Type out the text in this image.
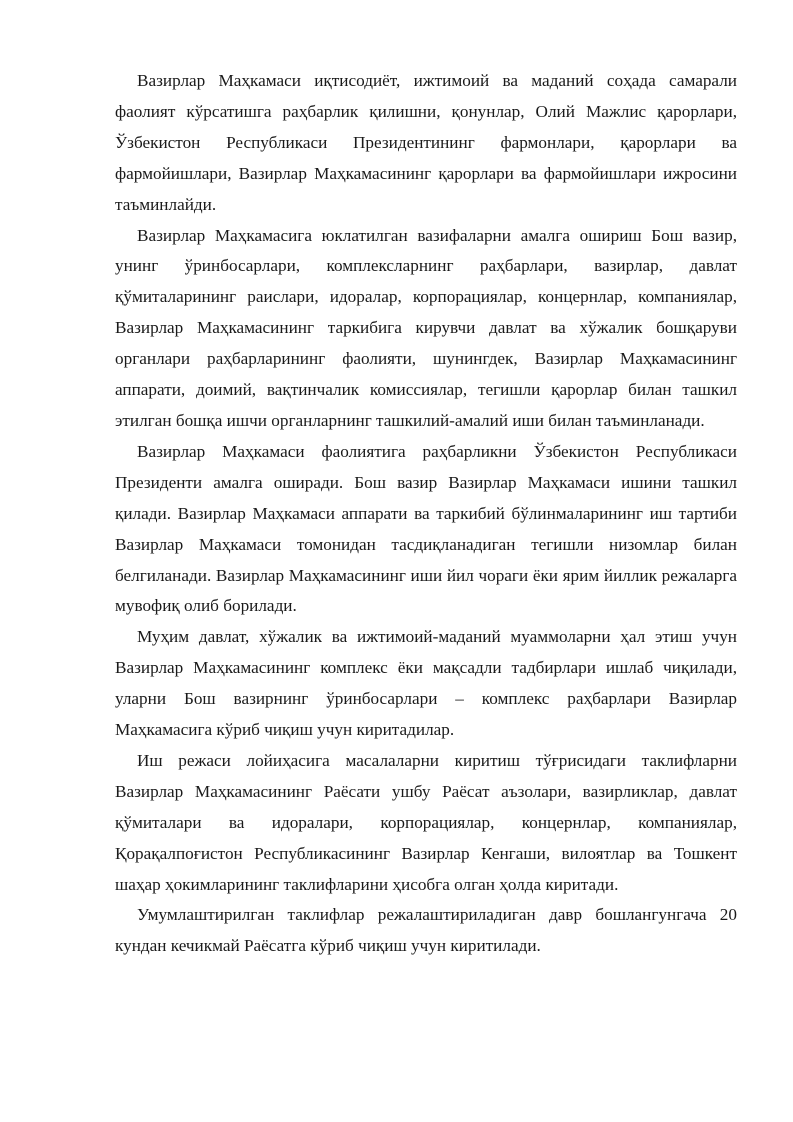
Вазирлар Маҳкамаси иқтисодиёт, ижтимоий ва маданий соҳада самарали фаолият кўрсатишга раҳбарлик қилишни, қонунлар, Олий Мажлис қарорлари, Ўзбекистон Республикаси Президентининг фармонлари, қарорлари ва фармойишлари, Вазирлар Маҳкамасининг қарорлари ва фармойишлари ижросини таъминлайди.

Вазирлар Маҳкамасига юклатилган вазифаларни амалга ошириш Бош вазир, унинг ўринбосарлари, комплексларнинг раҳбарлари, вазирлар, давлат қўмиталарининг раислари, идоралар, корпорациялар, концернлар, компаниялар, Вазирлар Маҳкамасининг таркибига кирувчи давлат ва хўжалик бошқаруви органлари раҳбарларининг фаолияти, шунингдек, Вазирлар Маҳкамасининг аппарати, доимий, вақтинчалик комиссиялар, тегишли қарорлар билан ташкил этилган бошқа ишчи органларнинг ташкилий-амалий иши билан таъминланади.

Вазирлар Маҳкамаси фаолиятига раҳбарликни Ўзбекистон Республикаси Президенти амалга оширади. Бош вазир Вазирлар Маҳкамаси ишини ташкил қилади. Вазирлар Маҳкамаси аппарати ва таркибий бўлинмаларининг иш тартиби Вазирлар Маҳкамаси томонидан тасдиқланадиган тегишли низомлар билан белгиланади. Вазирлар Маҳкамасининг иши йил чораги ёки ярим йиллик режаларга мувофиқ олиб борилади.

Муҳим давлат, хўжалик ва ижтимоий-маданий муаммоларни ҳал этиш учун Вазирлар Маҳкамасининг комплекс ёки мақсадли тадбирлари ишлаб чиқилади, уларни Бош вазирнинг ўринбосарлари – комплекс раҳбарлари Вазирлар Маҳкамасига кўриб чиқиш учун киритадилар.

Иш режаси лойиҳасига масалаларни киритиш тўғрисидаги таклифларни Вазирлар Маҳкамасининг Раёсати ушбу Раёсат аъзолари, вазирликлар, давлат қўмиталари ва идоралари, корпорациялар, концернлар, компаниялар, Қорақалпоғистон Республикасининг Вазирлар Кенгаши, вилоятлар ва Тошкент шаҳар ҳокимларининг таклифларини ҳисобга олган ҳолда киритади.

Умумлаштирилган таклифлар режалаштириладиган давр бошлангунгача 20 кундан кечикмай Раёсатга кўриб чиқиш учун киритилади.
